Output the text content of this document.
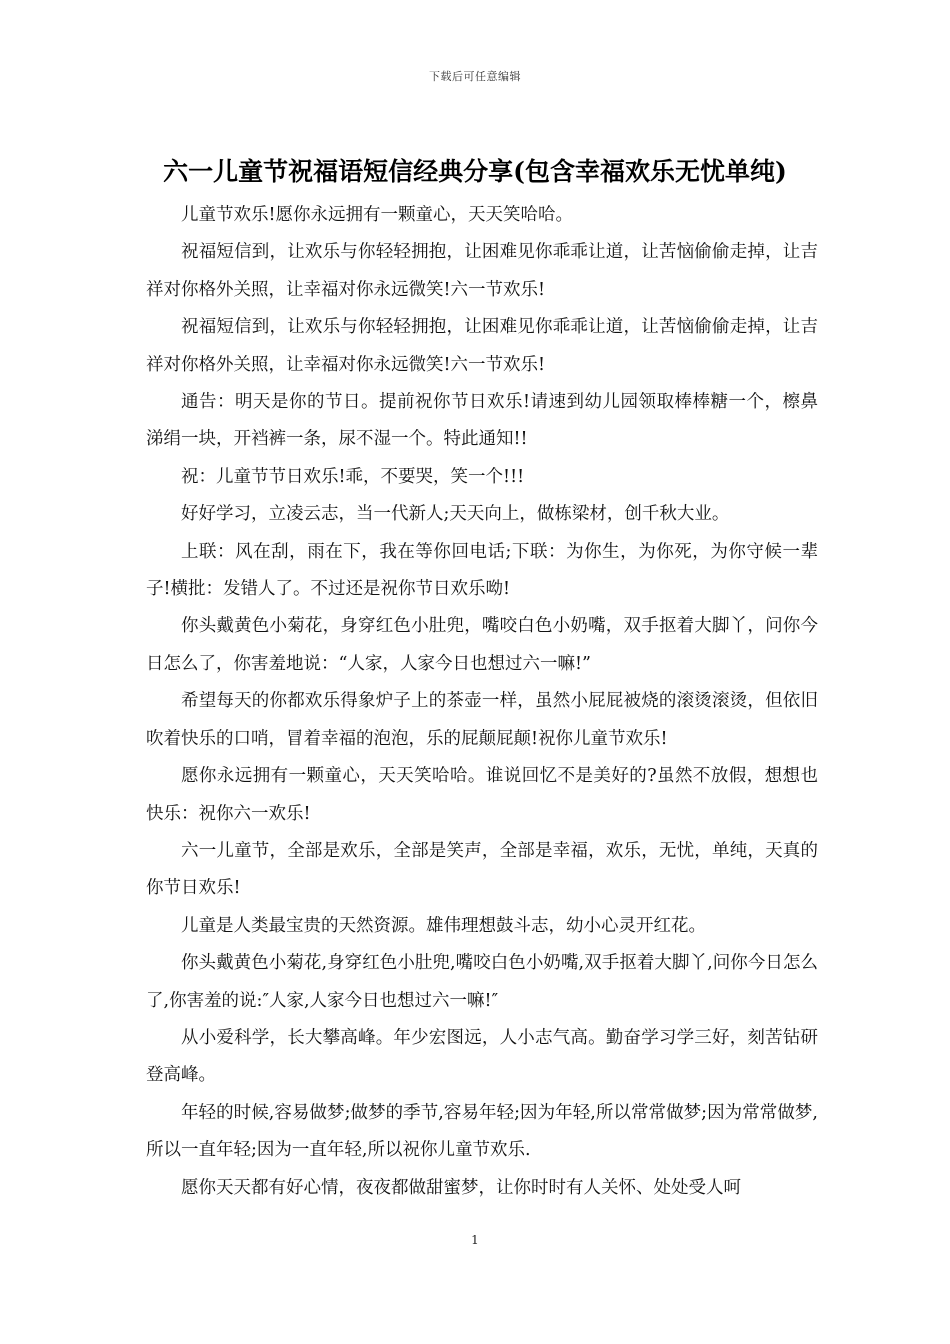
下载后可任意编辑
六一儿童节祝福语短信经典分享(包含幸福欢乐无忧单纯)

儿童节欢乐!愿你永远拥有一颗童心，天天笑哈哈。

祝福短信到，让欢乐与你轻轻拥抱，让困难见你乖乖让道，让苦恼偷偷走掉，让吉祥对你格外关照，让幸福对你永远微笑!六一节欢乐!

祝福短信到，让欢乐与你轻轻拥抱，让困难见你乖乖让道，让苦恼偷偷走掉，让吉祥对你格外关照，让幸福对你永远微笑!六一节欢乐!

通告：明天是你的节日。提前祝你节日欢乐!请速到幼儿园领取棒棒糖一个，檫鼻涕绢一块，开裆裤一条，尿不湿一个。特此通知!!

祝：儿童节节日欢乐!乖，不要哭，笑一个!!!

好好学习，立凌云志，当一代新人;天天向上，做栋梁材，创千秋大业。

上联：风在刮，雨在下，我在等你回电话;下联：为你生，为你死，为你守候一辈子!横批：发错人了。不过还是祝你节日欢乐呦!

你头戴黄色小菊花，身穿红色小肚兜，嘴咬白色小奶嘴，双手抠着大脚丫，问你今日怎么了，你害羞地说：“人家，人家今日也想过六一嘛!”

希望每天的你都欢乐得象炉子上的茶壶一样，虽然小屁屁被烧的滚烫滚烫，但依旧吹着快乐的口哨，冒着幸福的泡泡，乐的屁颠屁颠!祝你儿童节欢乐!

愿你永远拥有一颗童心，天天笑哈哈。谁说回忆不是美好的?虽然不放假，想想也快乐：祝你六一欢乐!

六一儿童节，全部是欢乐，全部是笑声，全部是幸福，欢乐，无忧，单纯，天真的你节日欢乐!

儿童是人类最宝贵的天然资源。雄伟理想鼓斗志，幼小心灵开红花。

你头戴黄色小菊花,身穿红色小肚兜,嘴咬白色小奶嘴,双手抠着大脚丫,问你今日怎么了,你害羞的说:″人家,人家今日也想过六一嘛!″

从小爱科学，长大攀高峰。年少宏图远，人小志气高。勤奋学习学三好，刻苦钻研登高峰。

年轻的时候,容易做梦;做梦的季节,容易年轻;因为年轻,所以常常做梦;因为常常做梦,所以一直年轻;因为一直年轻,所以祝你儿童节欢乐.

愿你天天都有好心情，夜夜都做甜蜜梦，让你时时有人关怀、处处受人呵

1
